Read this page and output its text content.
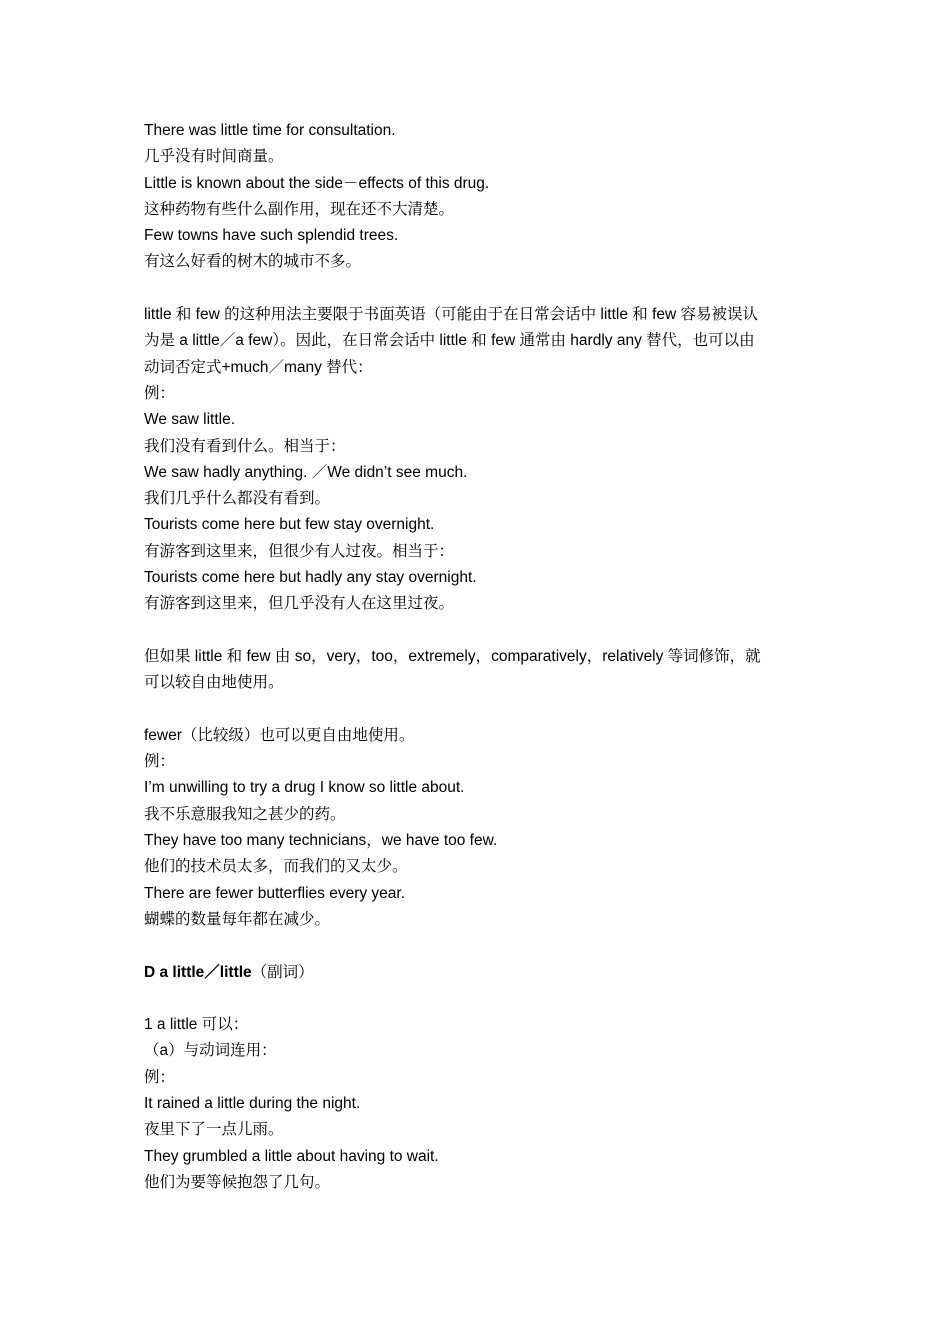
There was little time for consultation.
几乎没有时间商量。
Little is known about the side－effects of this drug.
这种药物有些什么副作用，现在还不大清楚。
Few towns have such splendid trees.
有这么好看的树木的城市不多。
little 和 few 的这种用法主要限于书面英语（可能由于在日常会话中 little 和 few 容易被误认
为是 a little／a few）。因此，在日常会话中 little 和 few 通常由 hardly any 替代，也可以由
动词否定式+much／many 替代：
例：
We saw little.
我们没有看到什么。相当于：
We saw hadly anything. ／We didn’t see much.
我们几乎什么都没有看到。
Tourists come here but few stay overnight.
有游客到这里来，但很少有人过夜。相当于：
Tourists come here but hadly any stay overnight.
有游客到这里来，但几乎没有人在这里过夜。
但如果 little 和 few 由 so，very，too，extremely，comparatively，relatively 等词修饰，就
可以较自由地使用。
fewer（比较级）也可以更自由地使用。
例：
I’m unwilling to try a drug I know so little about.
我不乐意服我知之甚少的药。
They have too many technicians，we have too few.
他们的技术员太多，而我们的又太少。
There are fewer butterflies every year.
蝴蝶的数量每年都在减少。
D a little／little（副词）
1 a little 可以：
（a）与动词连用：
例：
It rained a little during the night.
夜里下了一点儿雨。
They grumbled a little about having to wait.
他们为要等候抱怨了几句。
